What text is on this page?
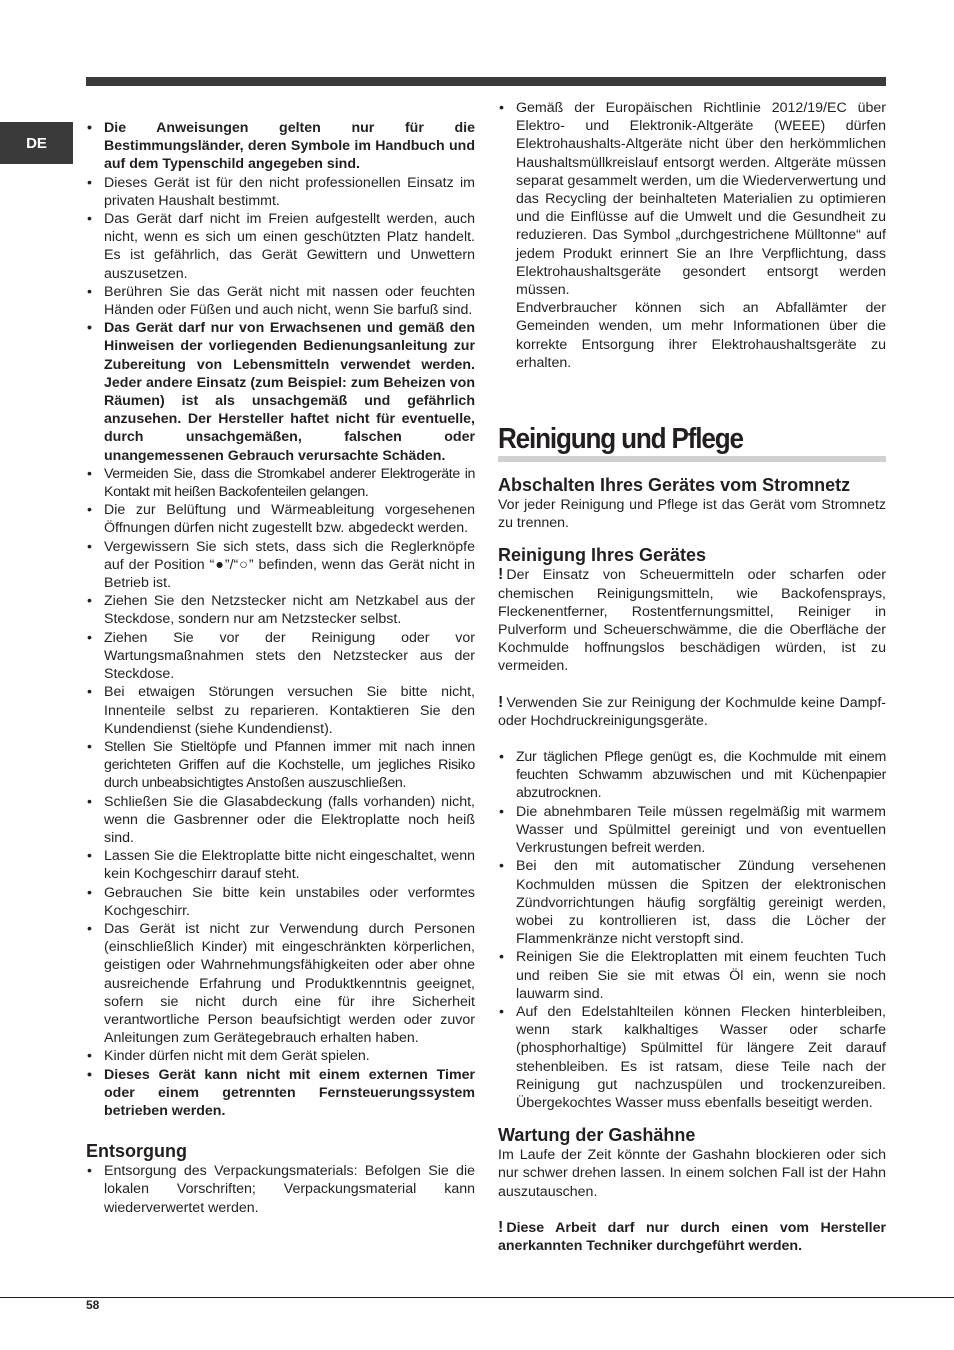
DE
• Die Anweisungen gelten nur für die Bestimmungsländer, deren Symbole im Handbuch und auf dem Typenschild angegeben sind.
• Dieses Gerät ist für den nicht professionellen Einsatz im privaten Haushalt bestimmt.
• Das Gerät darf nicht im Freien aufgestellt werden, auch nicht, wenn es sich um einen geschützten Platz handelt. Es ist gefährlich, das Gerät Gewittern und Unwettern auszusetzen.
• Berühren Sie das Gerät nicht mit nassen oder feuchten Händen oder Füßen und auch nicht, wenn Sie barfuß sind.
• Das Gerät darf nur von Erwachsenen und gemäß den Hinweisen der vorliegenden Bedienungsanleitung zur Zubereitung von Lebensmitteln verwendet werden. Jeder andere Einsatz (zum Beispiel: zum Beheizen von Räumen) ist als unsachgemäß und gefährlich anzusehen. Der Hersteller haftet nicht für eventuelle, durch unsachgemäßen, falschen oder unangemessenen Gebrauch verursachte Schäden.
• Vermeiden Sie, dass die Stromkabel anderer Elektrogeräte in Kontakt mit heißen Backofenteilen gelangen.
• Die zur Belüftung und Wärmeableitung vorgesehenen Öffnungen dürfen nicht zugestellt bzw. abgedeckt werden.
• Vergewissern Sie sich stets, dass sich die Reglerknöpfe auf der Position “●”/“○” befinden, wenn das Gerät nicht in Betrieb ist.
• Ziehen Sie den Netzstecker nicht am Netzkabel aus der Steckdose, sondern nur am Netzstecker selbst.
• Ziehen Sie vor der Reinigung oder vor Wartungsmaßnahmen stets den Netzstecker aus der Steckdose.
• Bei etwaigen Störungen versuchen Sie bitte nicht, Innenteile selbst zu reparieren. Kontaktieren Sie den Kundendienst (siehe Kundendienst).
• Stellen Sie Stieltöpfe und Pfannen immer mit nach innen gerichteten Griffen auf die Kochstelle, um jegliches Risiko durch unbeabsichtigtes Anstoßen auszuschließen.
• Schließen Sie die Glasabdeckung (falls vorhanden) nicht, wenn die Gasbrenner oder die Elektroplatte noch heiß sind.
• Lassen Sie die Elektroplatte bitte nicht eingeschaltet, wenn kein Kochgeschirr darauf steht.
• Gebrauchen Sie bitte kein unstabiles oder verformtes Kochgeschirr.
• Das Gerät ist nicht zur Verwendung durch Personen (einschließlich Kinder) mit eingeschränkten körperlichen, geistigen oder Wahrnehmungsfähigkeiten oder aber ohne ausreichende Erfahrung und Produktkenntnis geeignet, sofern sie nicht durch eine für ihre Sicherheit verantwortliche Person beaufsichtigt werden oder zuvor Anleitungen zum Gerätegebrauch erhalten haben.
• Kinder dürfen nicht mit dem Gerät spielen.
• Dieses Gerät kann nicht mit einem externen Timer oder einem getrennten Fernsteuerungssystem betrieben werden.
Entsorgung
• Entsorgung des Verpackungsmaterials: Befolgen Sie die lokalen Vorschriften; Verpackungsmaterial kann wiederverwertet werden.
• Gemäß der Europäischen Richtlinie 2012/19/EC über Elektro- und Elektronik-Altgeräte (WEEE) dürfen Elektrohaushalts-Altgeräte nicht über den herkömmlichen Haushaltsmüllkreislauf entsorgt werden. Altgeräte müssen separat gesammelt werden, um die Wiederverwertung und das Recycling der beinhalteten Materialien zu optimieren und die Einflüsse auf die Umwelt und die Gesundheit zu reduzieren. Das Symbol „durchgestrichene Mülltonne“ auf jedem Produkt erinnert Sie an Ihre Verpflichtung, dass Elektrohaushaltsgeräte gesondert entsorgt werden müssen.

Endverbraucher können sich an Abfallämter der Gemeinden wenden, um mehr Informationen über die korrekte Entsorgung ihrer Elektrohaushaltsgeräte zu erhalten.

Reinigung und Pflege
Abschalten Ihres Gerätes vom Stromnetz

Vor jeder Reinigung und Pflege ist das Gerät vom Stromnetz zu trennen.

Reinigung Ihres Gerätes

! Der Einsatz von Scheuermitteln oder scharfen oder chemischen Reinigungsmitteln, wie Backofensprays, Fleckenentferner, Rostentfernungsmittel, Reiniger in Pulverform und Scheuerschwämme, die die Oberfläche der Kochmulde hoffnungslos beschädigen würden, ist zu vermeiden.

! Verwenden Sie zur Reinigung der Kochmulde keine Dampf- oder Hochdruckreinigungsgeräte.

• Zur täglichen Pflege genügt es, die Kochmulde mit einem feuchten Schwamm abzuwischen und mit Küchenpapier abzutrocknen.
• Die abnehmbaren Teile müssen regelmäßig mit warmem Wasser und Spülmittel gereinigt und von eventuellen Verkrustungen befreit werden.
• Bei den mit automatischer Zündung versehenen Kochmulden müssen die Spitzen der elektronischen Zündvorrichtungen häufig sorgfältig gereinigt werden, wobei zu kontrollieren ist, dass die Löcher der Flammenkränze nicht verstopft sind.
• Reinigen Sie die Elektroplatten mit einem feuchten Tuch und reiben Sie sie mit etwas Öl ein, wenn sie noch lauwarm sind.
• Auf den Edelstahlteilen können Flecken hinterbleiben, wenn stark kalkhaltiges Wasser oder scharfe (phosphorhaltige) Spülmittel für längere Zeit darauf stehenbleiben. Es ist ratsam, diese Teile nach der Reinigung gut nachzuspülen und trockenzureiben. Übergekochtes Wasser muss ebenfalls beseitigt werden.
Wartung der Gashähne

Im Laufe der Zeit könnte der Gashahn blockieren oder sich nur schwer drehen lassen. In einem solchen Fall ist der Hahn auszutauschen.

! Diese Arbeit darf nur durch einen vom Hersteller anerkannten Techniker durchgeführt werden.

58
